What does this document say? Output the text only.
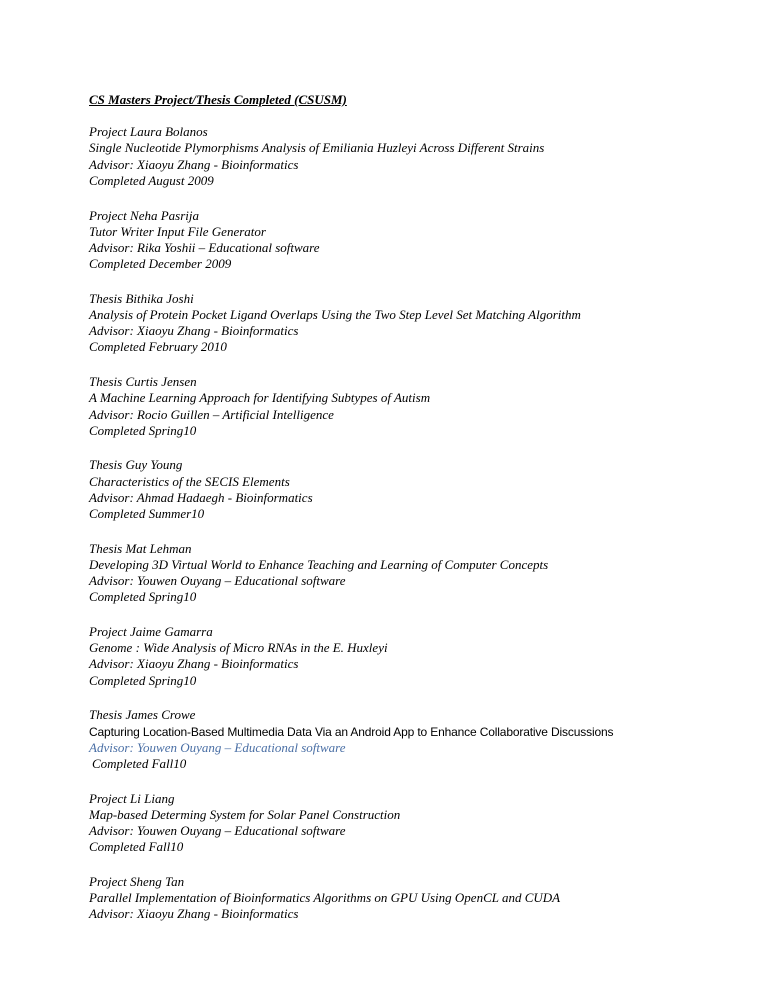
CS Masters Project/Thesis Completed (CSUSM)
Project Laura Bolanos
Single Nucleotide Plymorphisms Analysis of Emiliania Huzleyi Across Different Strains
Advisor: Xiaoyu Zhang - Bioinformatics
Completed August 2009
Project Neha Pasrija
Tutor Writer Input File Generator
Advisor: Rika Yoshii – Educational software
Completed December 2009
Thesis Bithika Joshi
Analysis of Protein Pocket Ligand Overlaps Using the Two Step Level Set Matching Algorithm
Advisor: Xiaoyu Zhang - Bioinformatics
Completed February 2010
Thesis Curtis Jensen
A Machine Learning Approach for Identifying Subtypes of Autism
Advisor: Rocio Guillen – Artificial Intelligence
Completed Spring10
Thesis Guy Young
Characteristics of the SECIS Elements
Advisor: Ahmad Hadaegh - Bioinformatics
Completed Summer10
Thesis Mat Lehman
Developing 3D Virtual World to Enhance Teaching and Learning of Computer Concepts
Advisor: Youwen Ouyang – Educational software
Completed Spring10
Project Jaime Gamarra
Genome : Wide Analysis of Micro RNAs in the E. Huxleyi
Advisor: Xiaoyu Zhang - Bioinformatics
Completed Spring10
Thesis James Crowe
Capturing Location-Based Multimedia Data Via an Android App to Enhance Collaborative Discussions
Advisor: Youwen Ouyang – Educational software
Completed Fall10
Project Li Liang
Map-based Determing System for Solar Panel Construction
Advisor: Youwen Ouyang – Educational software
Completed Fall10
Project Sheng Tan
Parallel Implementation of Bioinformatics Algorithms on GPU Using OpenCL and CUDA
Advisor: Xiaoyu Zhang - Bioinformatics
